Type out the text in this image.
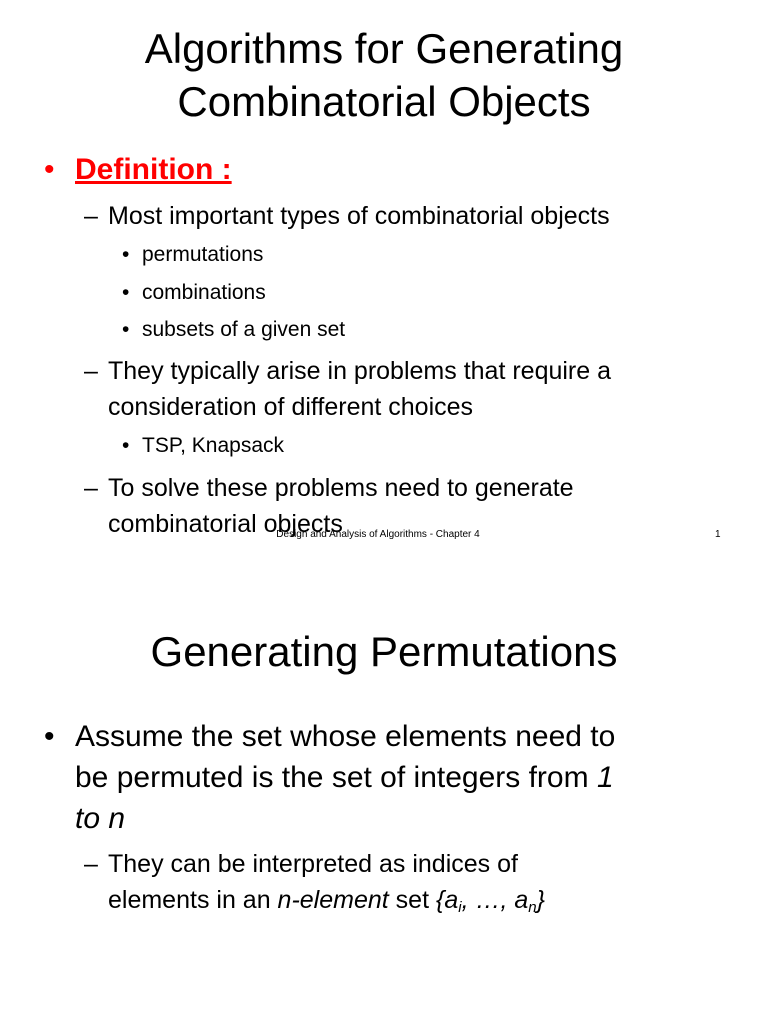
Algorithms for Generating
Combinatorial Objects
• Definition :
– Most important types of combinatorial objects
• permutations
• combinations
• subsets of a given set
– They typically arise in problems that require a
consideration of different choices
• TSP, Knapsack
– To solve these problems need to generate
combinatorial objects
Design and Analysis of Algorithms - Chapter 4	1
Generating Permutations
• Assume the set whose elements need to
be permuted is the set of integers from 1
to n
– They can be interpreted as indices of
elements in an n-element set {$a_i$, …, $a_n$}
